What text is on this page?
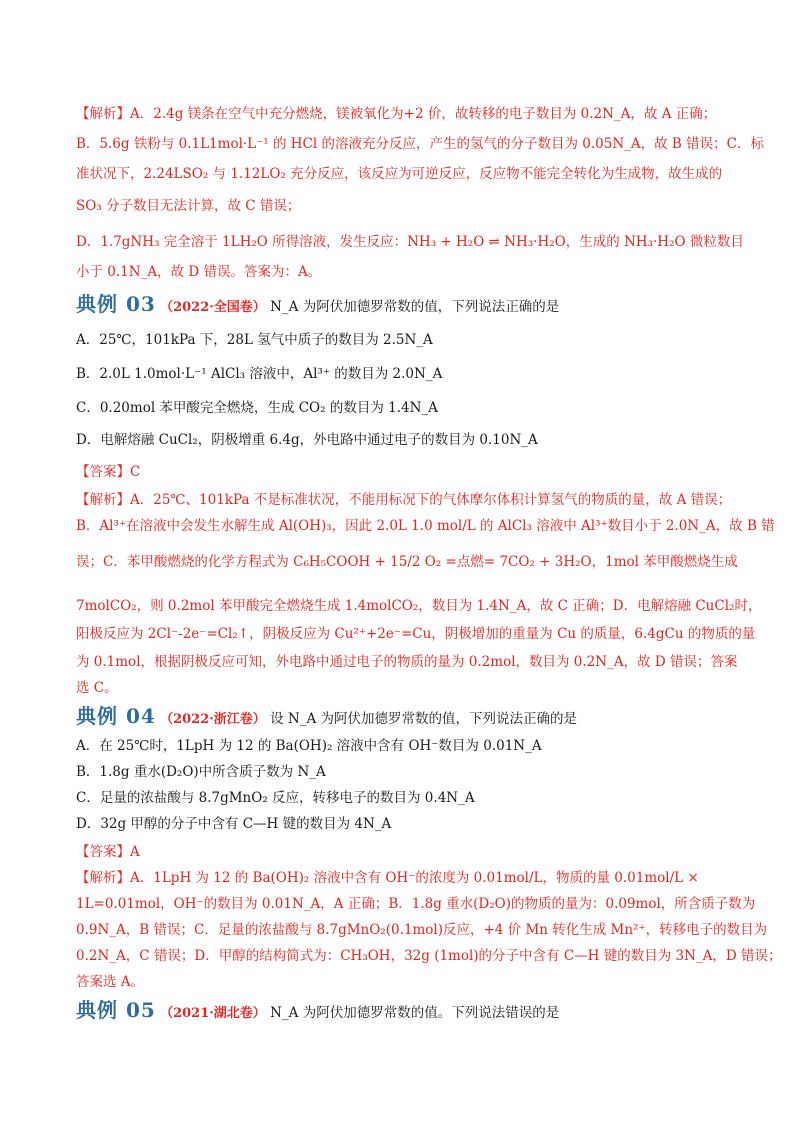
【解析】A．2.4g 镁条在空气中充分燃烧，镁被氧化为+2 价，故转移的电子数目为 0.2N_A，故 A 正确；
B．5.6g 铁粉与 0.1L1mol·L⁻¹ 的 HCl 的溶液充分反应，产生的氢气的分子数目为 0.05N_A，故 B 错误；C．标
准状况下，2.24LSO₂ 与 1.12LO₂ 充分反应，该反应为可逆反应，反应物不能完全转化为生成物，故生成的
SO₃ 分子数目无法计算，故 C 错误；
D．1.7gNH₃ 完全溶于 1LH₂O 所得溶液，发生反应：NH₃ + H₂O ⇌ NH₃·H₂O，生成的 NH₃·H₂O 微粒数目
小于 0.1N_A，故 D 错误。答案为：A。
典例 03 （2022·全国卷） N_A 为阿伏加德罗常数的值，下列说法正确的是
A．25℃，101kPa 下，28L 氢气中质子的数目为 2.5N_A
B．2.0L 1.0mol·L⁻¹ AlCl₃ 溶液中，Al³⁺ 的数目为 2.0N_A
C．0.20mol 苯甲酸完全燃烧，生成 CO₂ 的数目为 1.4N_A
D．电解熔融 CuCl₂，阴极增重 6.4g，外电路中通过电子的数目为 0.10N_A
【答案】C
【解析】A．25℃、101kPa 不是标准状况，不能用标况下的气体摩尔体积计算氢气的物质的量，故 A 错误；
B．Al³⁺在溶液中会发生水解生成 Al(OH)₃，因此 2.0L 1.0 mol/L 的 AlCl₃ 溶液中 Al³⁺数目小于 2.0N_A，故 B 错
误；C．苯甲酸燃烧的化学方程式为 C₆H₅COOH + 15/2 O₂ =点燃= 7CO₂ + 3H₂O，1mol 苯甲酸燃烧生成
7molCO₂，则 0.2mol 苯甲酸完全燃烧生成 1.4molCO₂，数目为 1.4N_A，故 C 正确；D．电解熔融 CuCl₂时，
阳极反应为 2Cl⁻-2e⁻=Cl₂↑，阴极反应为 Cu²⁺+2e⁻=Cu，阴极增加的重量为 Cu 的质量，6.4gCu 的物质的量
为 0.1mol，根据阴极反应可知，外电路中通过电子的物质的量为 0.2mol，数目为 0.2N_A，故 D 错误；答案
选 C。
典例 04 （2022·浙江卷） 设 N_A 为阿伏加德罗常数的值，下列说法正确的是
A．在 25℃时，1LpH 为 12 的 Ba(OH)₂ 溶液中含有 OH⁻数目为 0.01N_A
B．1.8g 重水(D₂O)中所含质子数为 N_A
C．足量的浓盐酸与 8.7gMnO₂ 反应，转移电子的数目为 0.4N_A
D．32g 甲醇的分子中含有 C—H 键的数目为 4N_A
【答案】A
【解析】A．1LpH 为 12 的 Ba(OH)₂ 溶液中含有 OH⁻的浓度为 0.01mol/L，物质的量 0.01mol/L ×
1L=0.01mol，OH⁻的数目为 0.01N_A，A 正确；B．1.8g 重水(D₂O)的物质的量为：0.09mol，所含质子数为
0.9N_A，B 错误；C．足量的浓盐酸与 8.7gMnO₂(0.1mol)反应，+4 价 Mn 转化生成 Mn²⁺，转移电子的数目为
0.2N_A，C 错误；D．甲醇的结构简式为：CH₃OH，32g (1mol)的分子中含有 C—H 键的数目为 3N_A，D 错误；
答案选 A。
典例 05 （2021·湖北卷） N_A 为阿伏加德罗常数的值。下列说法错误的是
